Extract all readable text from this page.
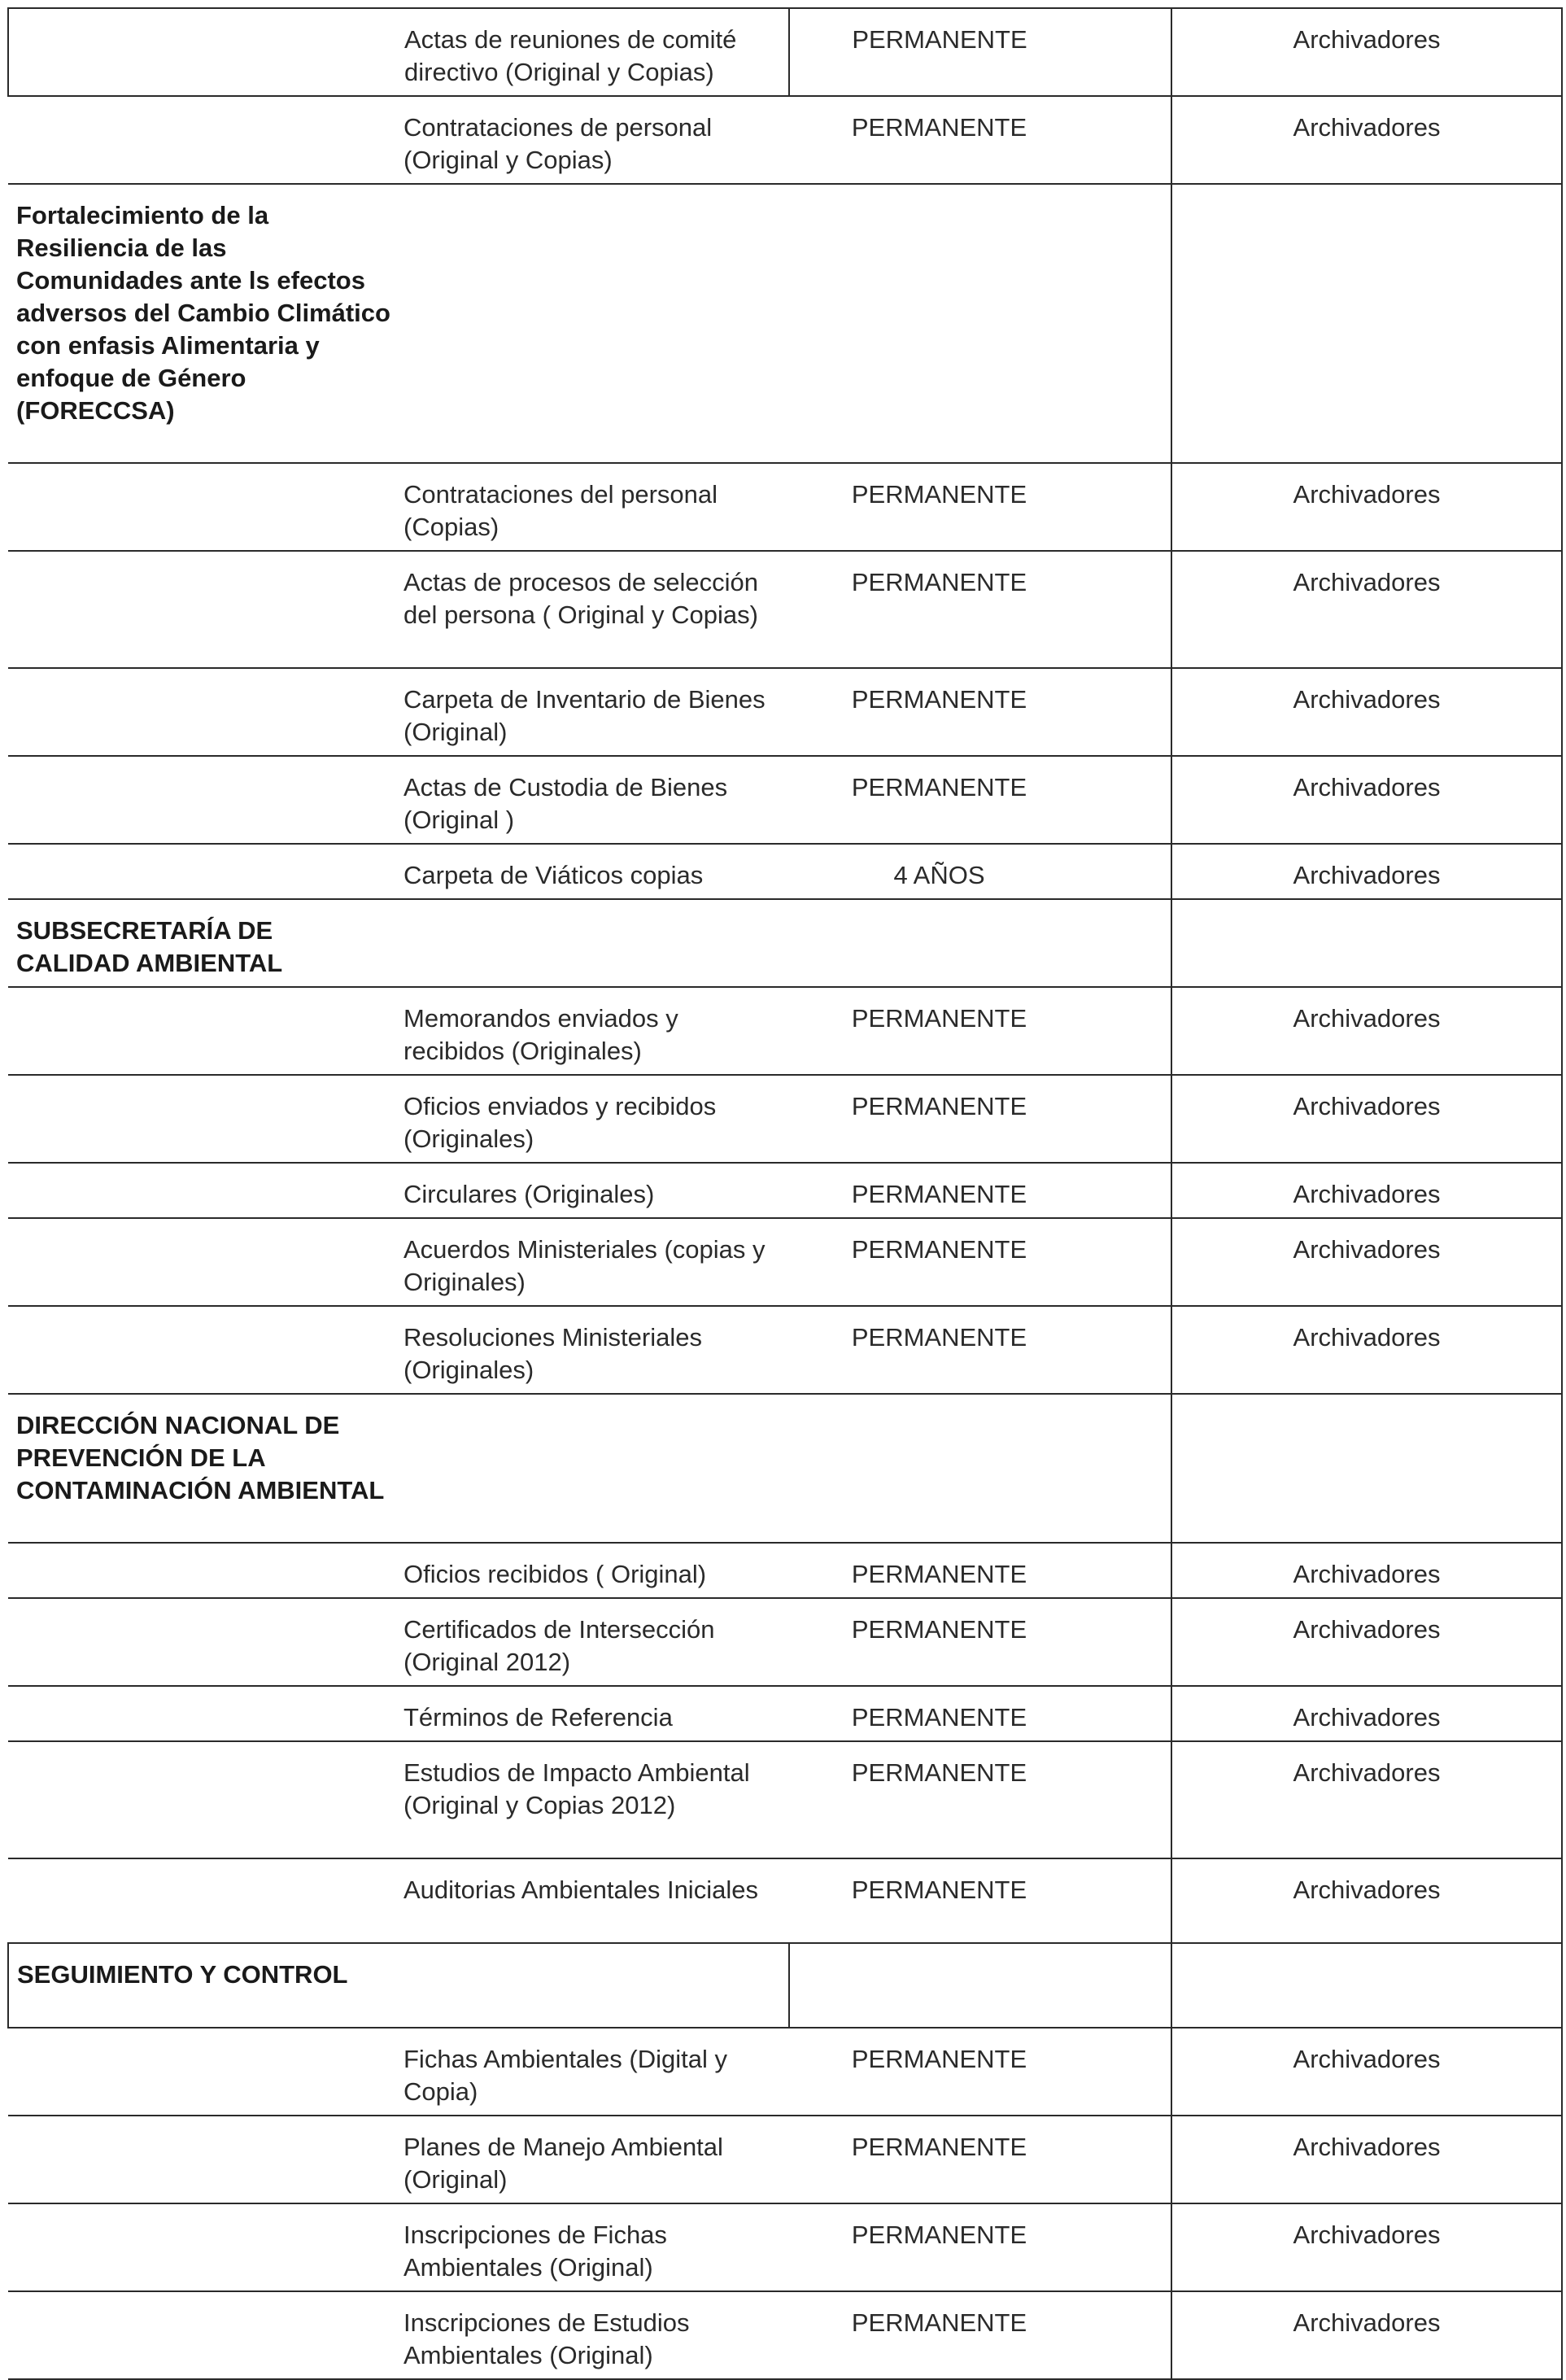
Actas de reuniones de comité directivo (Original y Copias)	PERMANENTE	Archivadores
Contrataciones de personal (Original y Copias)	PERMANENTE	Archivadores

Fortalecimiento de la Resiliencia de las Comunidades ante ls efectos adversos del Cambio Climático con enfasis Alimentaria y enfoque de Género (FORECCSA)		

Contrataciones del personal (Copias)	PERMANENTE	Archivadores
Actas de procesos de selección del persona ( Original y Copias)	PERMANENTE	Archivadores
Carpeta de Inventario de Bienes (Original)	PERMANENTE	Archivadores
Actas de Custodia de Bienes (Original )	PERMANENTE	Archivadores
Carpeta de Viáticos copias	4 AÑOS	Archivadores

SUBSECRETARÍA DE CALIDAD AMBIENTAL		

Memorandos enviados y recibidos (Originales)	PERMANENTE	Archivadores
Oficios enviados y recibidos (Originales)	PERMANENTE	Archivadores
Circulares (Originales)	PERMANENTE	Archivadores
Acuerdos Ministeriales (copias y Originales)	PERMANENTE	Archivadores
Resoluciones Ministeriales (Originales)	PERMANENTE	Archivadores

DIRECCIÓN NACIONAL DE PREVENCIÓN DE LA CONTAMINACIÓN AMBIENTAL		

Oficios recibidos ( Original)	PERMANENTE	Archivadores
Certificados de Intersección (Original 2012)	PERMANENTE	Archivadores
Términos de Referencia	PERMANENTE	Archivadores
Estudios de Impacto Ambiental (Original y Copias 2012)	PERMANENTE	Archivadores
Auditorias Ambientales Iniciales	PERMANENTE	Archivadores

SEGUIMIENTO Y CONTROL		

Fichas Ambientales (Digital y Copia)	PERMANENTE	Archivadores
Planes de Manejo Ambiental (Original)	PERMANENTE	Archivadores
Inscripciones de Fichas Ambientales (Original)	PERMANENTE	Archivadores
Inscripciones de Estudios Ambientales (Original)	PERMANENTE	Archivadores
